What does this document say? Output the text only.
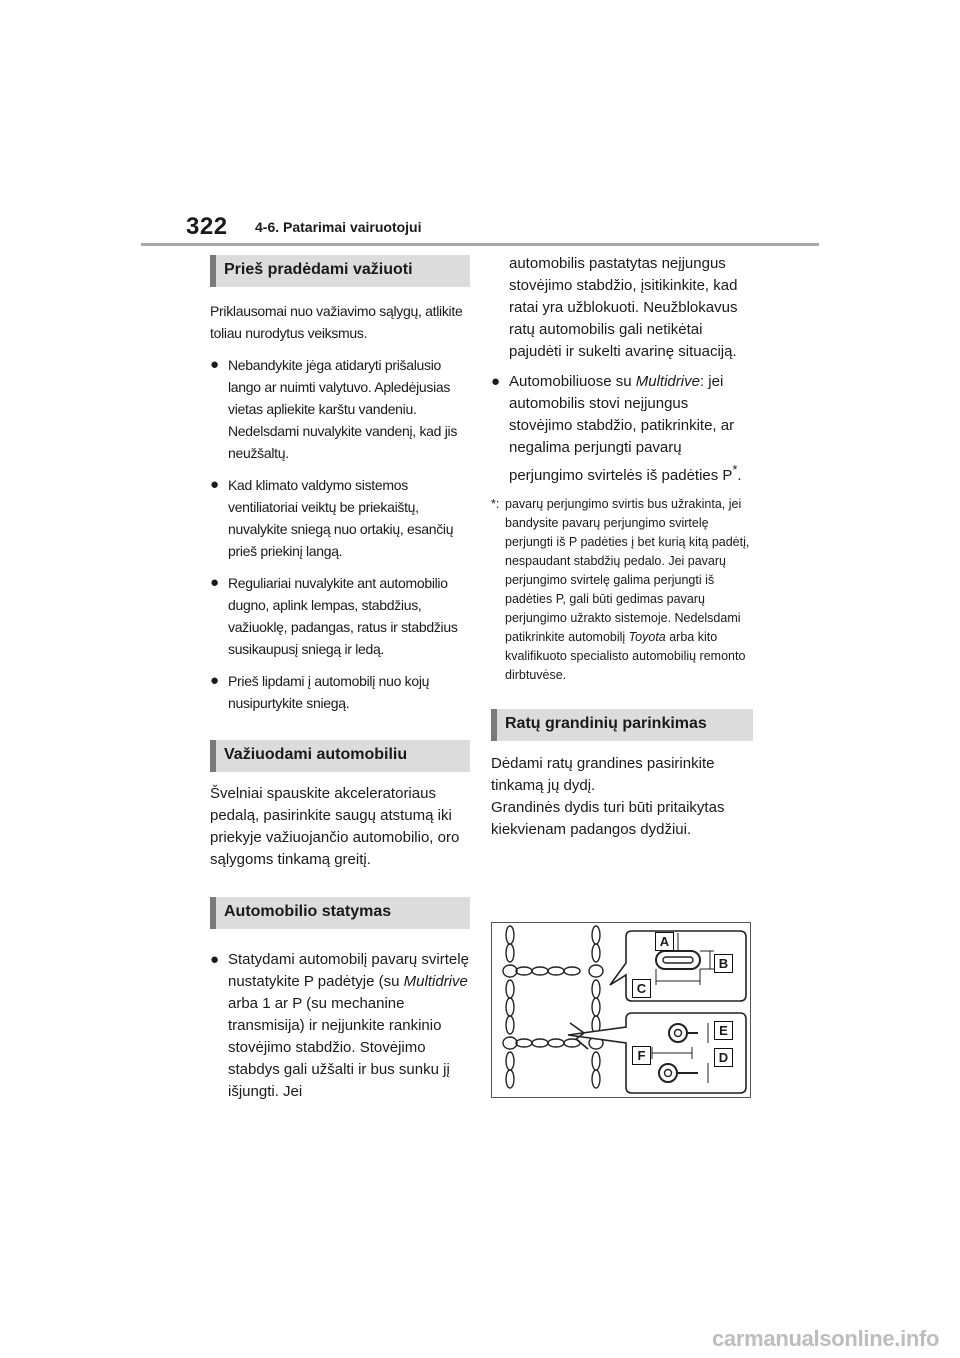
322 4-6. Patarimai vairuotojui
Prieš pradėdami važiuoti

Priklausomai nuo važiavimo sąlygų, atlikite toliau nurodytus veiksmus.

● Nebandykite jėga atidaryti prišalusio lango ar nuimti valytuvo. Apledėjusias vietas apliekite karštu vandeniu. Nedelsdami nuvalykite vandenį, kad jis neužšaltų.

● Kad klimato valdymo sistemos ventiliatoriai veiktų be priekaištų, nuvalykite sniegą nuo ortakių, esančių prieš priekinį langą.

● Reguliariai nuvalykite ant automobilio dugno, aplink lempas, stabdžius, važiuoklę, padangas, ratus ir stabdžius susikaupusį sniegą ir ledą.

● Prieš lipdami į automobilį nuo kojų nusipurtykite sniegą.

Važiuodami automobiliu

Švelniai spauskite akceleratoriaus pedalą, pasirinkite saugų atstumą iki priekyje važiuojančio automobilio, oro sąlygoms tinkamą greitį.

Automobilio statymas
● Statydami automobilį pavarų svirtelę nustatykite P padėtyje (su Multidrive arba 1 ar P (su mechanine transmisija) ir neįjunkite rankinio stovėjimo stabdžio. Stovėjimo stabdys gali užšalti ir bus sunku jį išjungti. Jei

automobilis pastatytas neįjungus stovėjimo stabdžio, įsitikinkite, kad ratai yra užblokuoti. Neužblokavus ratų automobilis gali netikėtai pajudėti ir sukelti avarinę situaciją.

● Automobiliuose su Multidrive: jei automobilis stovi neįjungus stovėjimo stabdžio, patikrinkite, ar negalima perjungti pavarų perjungimo svirtelės iš padėties P*.

*: pavarų perjungimo svirtis bus užrakinta, jei bandysite pavarų perjungimo svirtelę perjungti iš P padėties į bet kurią kitą padėtį, nespaudant stabdžių pedalo. Jei pavarų perjungimo svirtelę galima perjungti iš padėties P, gali būti gedimas pavarų perjungimo užrakto sistemoje. Nedelsdami patikrinkite automobilį Toyota arba kito kvalifikuoto specialisto automobilių remonto dirbtuvėse.

Ratų grandinių parinkimas

Dėdami ratų grandines pasirinkite tinkamą jų dydį.

Grandinės dydis turi būti pritaikytas kiekvienam padangos dydžiui.

A
B
C
E
F	D
carmanualsonline.info
